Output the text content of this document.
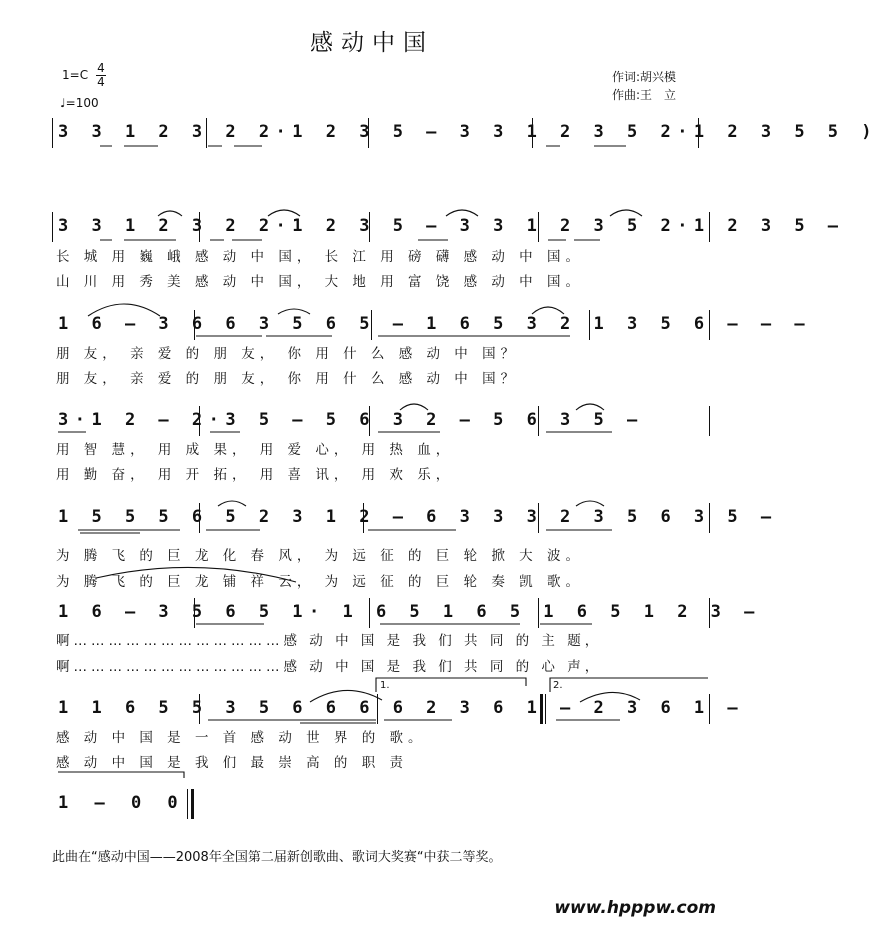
感动中国
1=C 4

4
♩=100
作词:胡兴模
作曲:王　立
3 3 1 2 3 2 2·1 2 3 5 – 3 3 1 2 3 5 2·1 2 3 5 5 )
3 3 1 2 3 2 2·1 2 3 5 – 3 3 1 2 3 5 2·1 2 3 5 –
长 城 用 巍 峨 感 动 中 国， 长 江 用 磅 礴 感 动 中 国。
山 川 用 秀 美 感 动 中 国， 大 地 用 富 饶 感 动 中 国。
1 6 – 3 6 6 3 5 6 5 – 1 6 5 3 2 1 3 5 6 – – –
朋 友， 亲 爱 的 朋 友， 你 用 什 么 感 动 中 国？
朋 友， 亲 爱 的 朋 友， 你 用 什 么 感 动 中 国？
3·1 2 – 2·3 5 – 5 6 3 2 – 5 6 3 5 –
用 智 慧， 用 成 果， 用 爱 心， 用 热 血，
用 勤 奋， 用 开 拓， 用 喜 讯， 用 欢 乐，
1 5 5 5 6 5 2 3 1 2 – 6 3 3 3 2 3 5 6 3 5 –
为 腾 飞 的 巨 龙 化 春 风， 为 远 征 的 巨 轮 掀 大 波。
为 腾 飞 的 巨 龙 铺 祥 云， 为 远 征 的 巨 轮 奏 凯 歌。
1 6 – 3 5 6 5 1· 1 6 5 1 6 5 1 6 5 1 2 3 –
啊………………………………感 动 中 国 是 我 们 共 同 的 主 题，
啊………………………………感 动 中 国 是 我 们 共 同 的 心 声，
1 1 6 5 5 3 5 6 6 6 6 2 3 6 1 – 2 3 6 1 –
感 动 中 国 是 一 首 感 动 世 界 的 歌。
感 动 中 国 是 我 们 最 崇 高 的 职 责
1.	2.
1 – 0 0
此曲在“感动中国——2008年全国第二届新创歌曲、歌词大奖赛“中获二等奖。
www.hpppw.com
